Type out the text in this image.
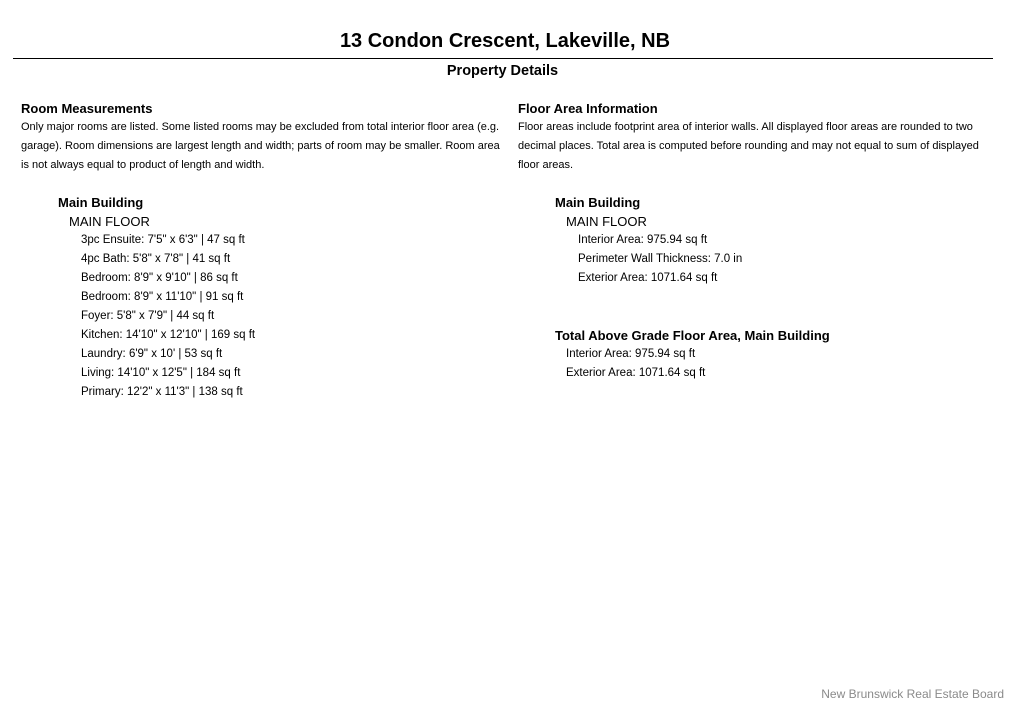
13 Condon Crescent, Lakeville, NB
Property Details
Room Measurements

Only major rooms are listed. Some listed rooms may be excluded from total interior floor area (e.g. garage). Room dimensions are largest length and width; parts of room may be smaller. Room area is not always equal to product of length and width.

Main Building
MAIN FLOOR
3pc Ensuite: 7'5" x 6'3" | 47 sq ft
4pc Bath: 5'8" x 7'8" | 41 sq ft
Bedroom: 8'9" x 9'10" | 86 sq ft
Bedroom: 8'9" x 11'10" | 91 sq ft
Foyer: 5'8" x 7'9" | 44 sq ft
Kitchen: 14'10" x 12'10" | 169 sq ft
Laundry: 6'9" x 10' | 53 sq ft
Living: 14'10" x 12'5" | 184 sq ft
Primary: 12'2" x 11'3" | 138 sq ft
Floor Area Information

Floor areas include footprint area of interior walls. All displayed floor areas are rounded to two decimal places. Total area is computed before rounding and may not equal to sum of displayed floor areas.

Main Building
MAIN FLOOR
Interior Area: 975.94 sq ft
Perimeter Wall Thickness: 7.0 in
Exterior Area: 1071.64 sq ft
Total Above Grade Floor Area, Main Building
Interior Area: 975.94 sq ft
Exterior Area: 1071.64 sq ft
New Brunswick Real Estate Board
